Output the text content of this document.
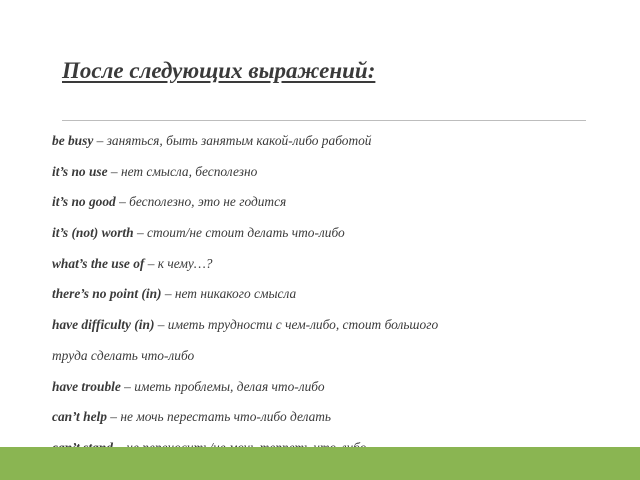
После следующих выражений:
be busy – заняться, быть занятым какой-либо работой
it’s no use – нет смысла, бесполезно
it’s no good – бесполезно, это не годится
it’s (not) worth – стоит/не стоит делать что-либо
what’s the use of – к чему…?
there’s no point (in) – нет никакого смысла
have difficulty (in) – иметь трудности с чем-либо, стоит большого
труда сделать что-либо
have trouble – иметь проблемы, делая что-либо
can’t help – не мочь перестать что-либо делать
